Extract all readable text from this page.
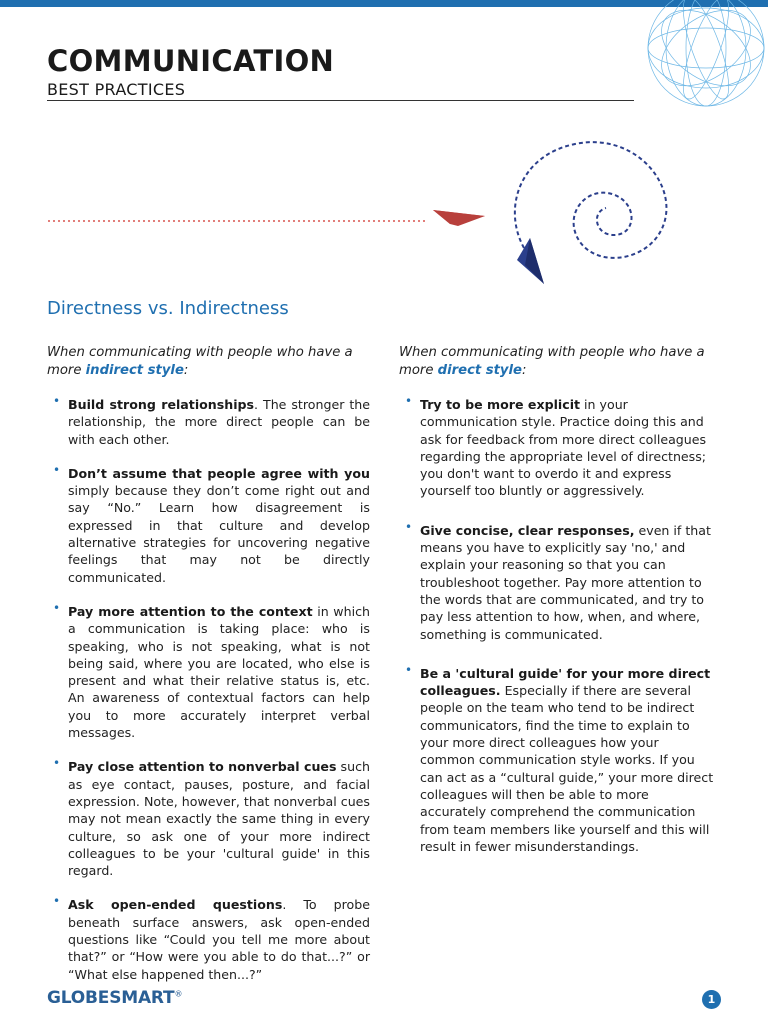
COMMUNICATION
BEST PRACTICES
Directness vs. Indirectness

When communicating with people who have a more indirect style:

• Build strong relationships. The stronger the relationship, the more direct people can be with each other.
• Don’t assume that people agree with you simply because they don’t come right out and say “No.” Learn how disagreement is expressed in that culture and develop alternative strategies for uncovering negative feelings that may not be directly communicated.
• Pay more attention to the context in which a communication is taking place: who is speaking, who is not speaking, what is not being said, where you are located, who else is present and what their relative status is, etc. An awareness of contextual factors can help you to more accurately interpret verbal messages.
• Pay close attention to nonverbal cues such as eye contact, pauses, posture, and facial expression. Note, however, that nonverbal cues may not mean exactly the same thing in every culture, so ask one of your more indirect colleagues to be your 'cultural guide' in this regard.
• Ask open-ended questions. To probe beneath surface answers, ask open-ended questions like “Could you tell me more about that?” or “How were you able to do that...?” or “What else happened then...?”

When communicating with people who have a more direct style:

• Try to be more explicit in your communication style. Practice doing this and ask for feedback from more direct colleagues regarding the appropriate level of directness; you don't want to overdo it and express yourself too bluntly or aggressively.
• Give concise, clear responses, even if that means you have to explicitly say 'no,' and explain your reasoning so that you can troubleshoot together. Pay more attention to the words that are communicated, and try to pay less attention to how, when, and where, something is communicated.
• Be a 'cultural guide' for your more direct colleagues. Especially if there are several people on the team who tend to be indirect communicators, find the time to explain to your more direct colleagues how your common communication style works. If you can act as a “cultural guide,” your more direct colleagues will then be able to more accurately comprehend the communication from team members like yourself and this will result in fewer misunderstandings.
GLOBESMART®	1
